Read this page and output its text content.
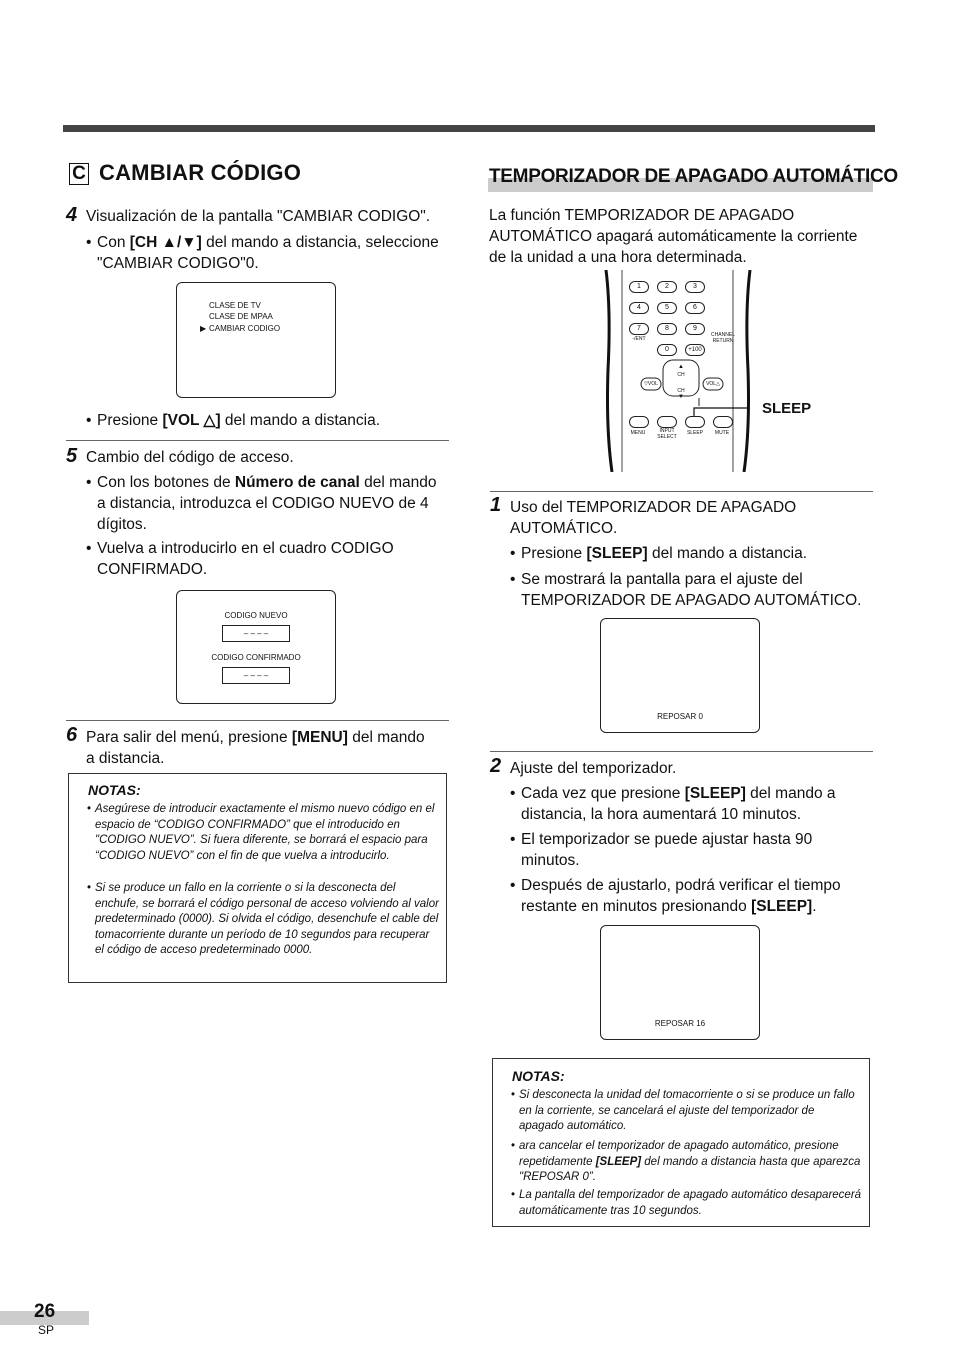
C CAMBIAR CÓDIGO
4 Visualización de la pantalla "CAMBIAR CODIGO".
• Con [CH ▲/▼] del mando a distancia, seleccione "CAMBIAR CODIGO"0.
CLASE DE TV
CLASE DE MPAA
▶ CAMBIAR CODIGO
• Presione [VOL △] del mando a distancia.
5 Cambio del código de acceso.
• Con los botones de Número de canal del mando a distancia, introduzca el CODIGO NUEVO de 4 dígitos.
• Vuelva a introducirlo en el cuadro CODIGO CONFIRMADO.
CODIGO NUEVO
– – – –
CODIGO CONFIRMADO
– – – –
6 Para salir del menú, presione [MENU] del mando a distancia.
NOTAS:
• Asegúrese de introducir exactamente el mismo nuevo código en el espacio de “CODIGO CONFIRMADO” que el introducido en "CODIGO NUEVO”. Si fuera diferente, se borrará el espacio para “CODIGO NUEVO” con el fin de que vuelva a introducirlo.
• Si se produce un fallo en la corriente o si la desconecta del enchufe, se borrará el código personal de acceso volviendo al valor predeterminado (0000). Si olvida el código, desenchufe el cable del tomacorriente durante un período de 10 segundos para recuperar el código de acceso predeterminado 0000.
TEMPORIZADOR DE APAGADO AUTOMÁTICO
La función TEMPORIZADOR DE APAGADO AUTOMÁTICO apagará automáticamente la corriente de la unidad a una hora determinada.
1	2	3
4	5	6
7	8	9
-/ENT
CHANNEL RETURN
0	+100
▲
CH
CH
▼
▽VOL	VOL△
MENU	INPUT SELECT
SLEEP	MUTE
SLEEP
1 Uso del TEMPORIZADOR DE APAGADO AUTOMÁTICO.
• Presione [SLEEP] del mando a distancia.
• Se mostrará la pantalla para el ajuste del TEMPORIZADOR DE APAGADO AUTOMÁTICO.
REPOSAR 0
2 Ajuste del temporizador.
• Cada vez que presione [SLEEP] del mando a distancia, la hora aumentará 10 minutos.
• El temporizador se puede ajustar hasta 90 minutos.
• Después de ajustarlo, podrá verificar el tiempo restante en minutos presionando [SLEEP].
REPOSAR 16
NOTAS:
• Si desconecta la unidad del tomacorriente o si se produce un fallo en la corriente, se cancelará el ajuste del temporizador de apagado automático.
• ara cancelar el temporizador de apagado automático, presione repetidamente [SLEEP] del mando a distancia hasta que aparezca "REPOSAR 0”.
• La pantalla del temporizador de apagado automático desaparecerá automáticamente tras 10 segundos.
26
SP
